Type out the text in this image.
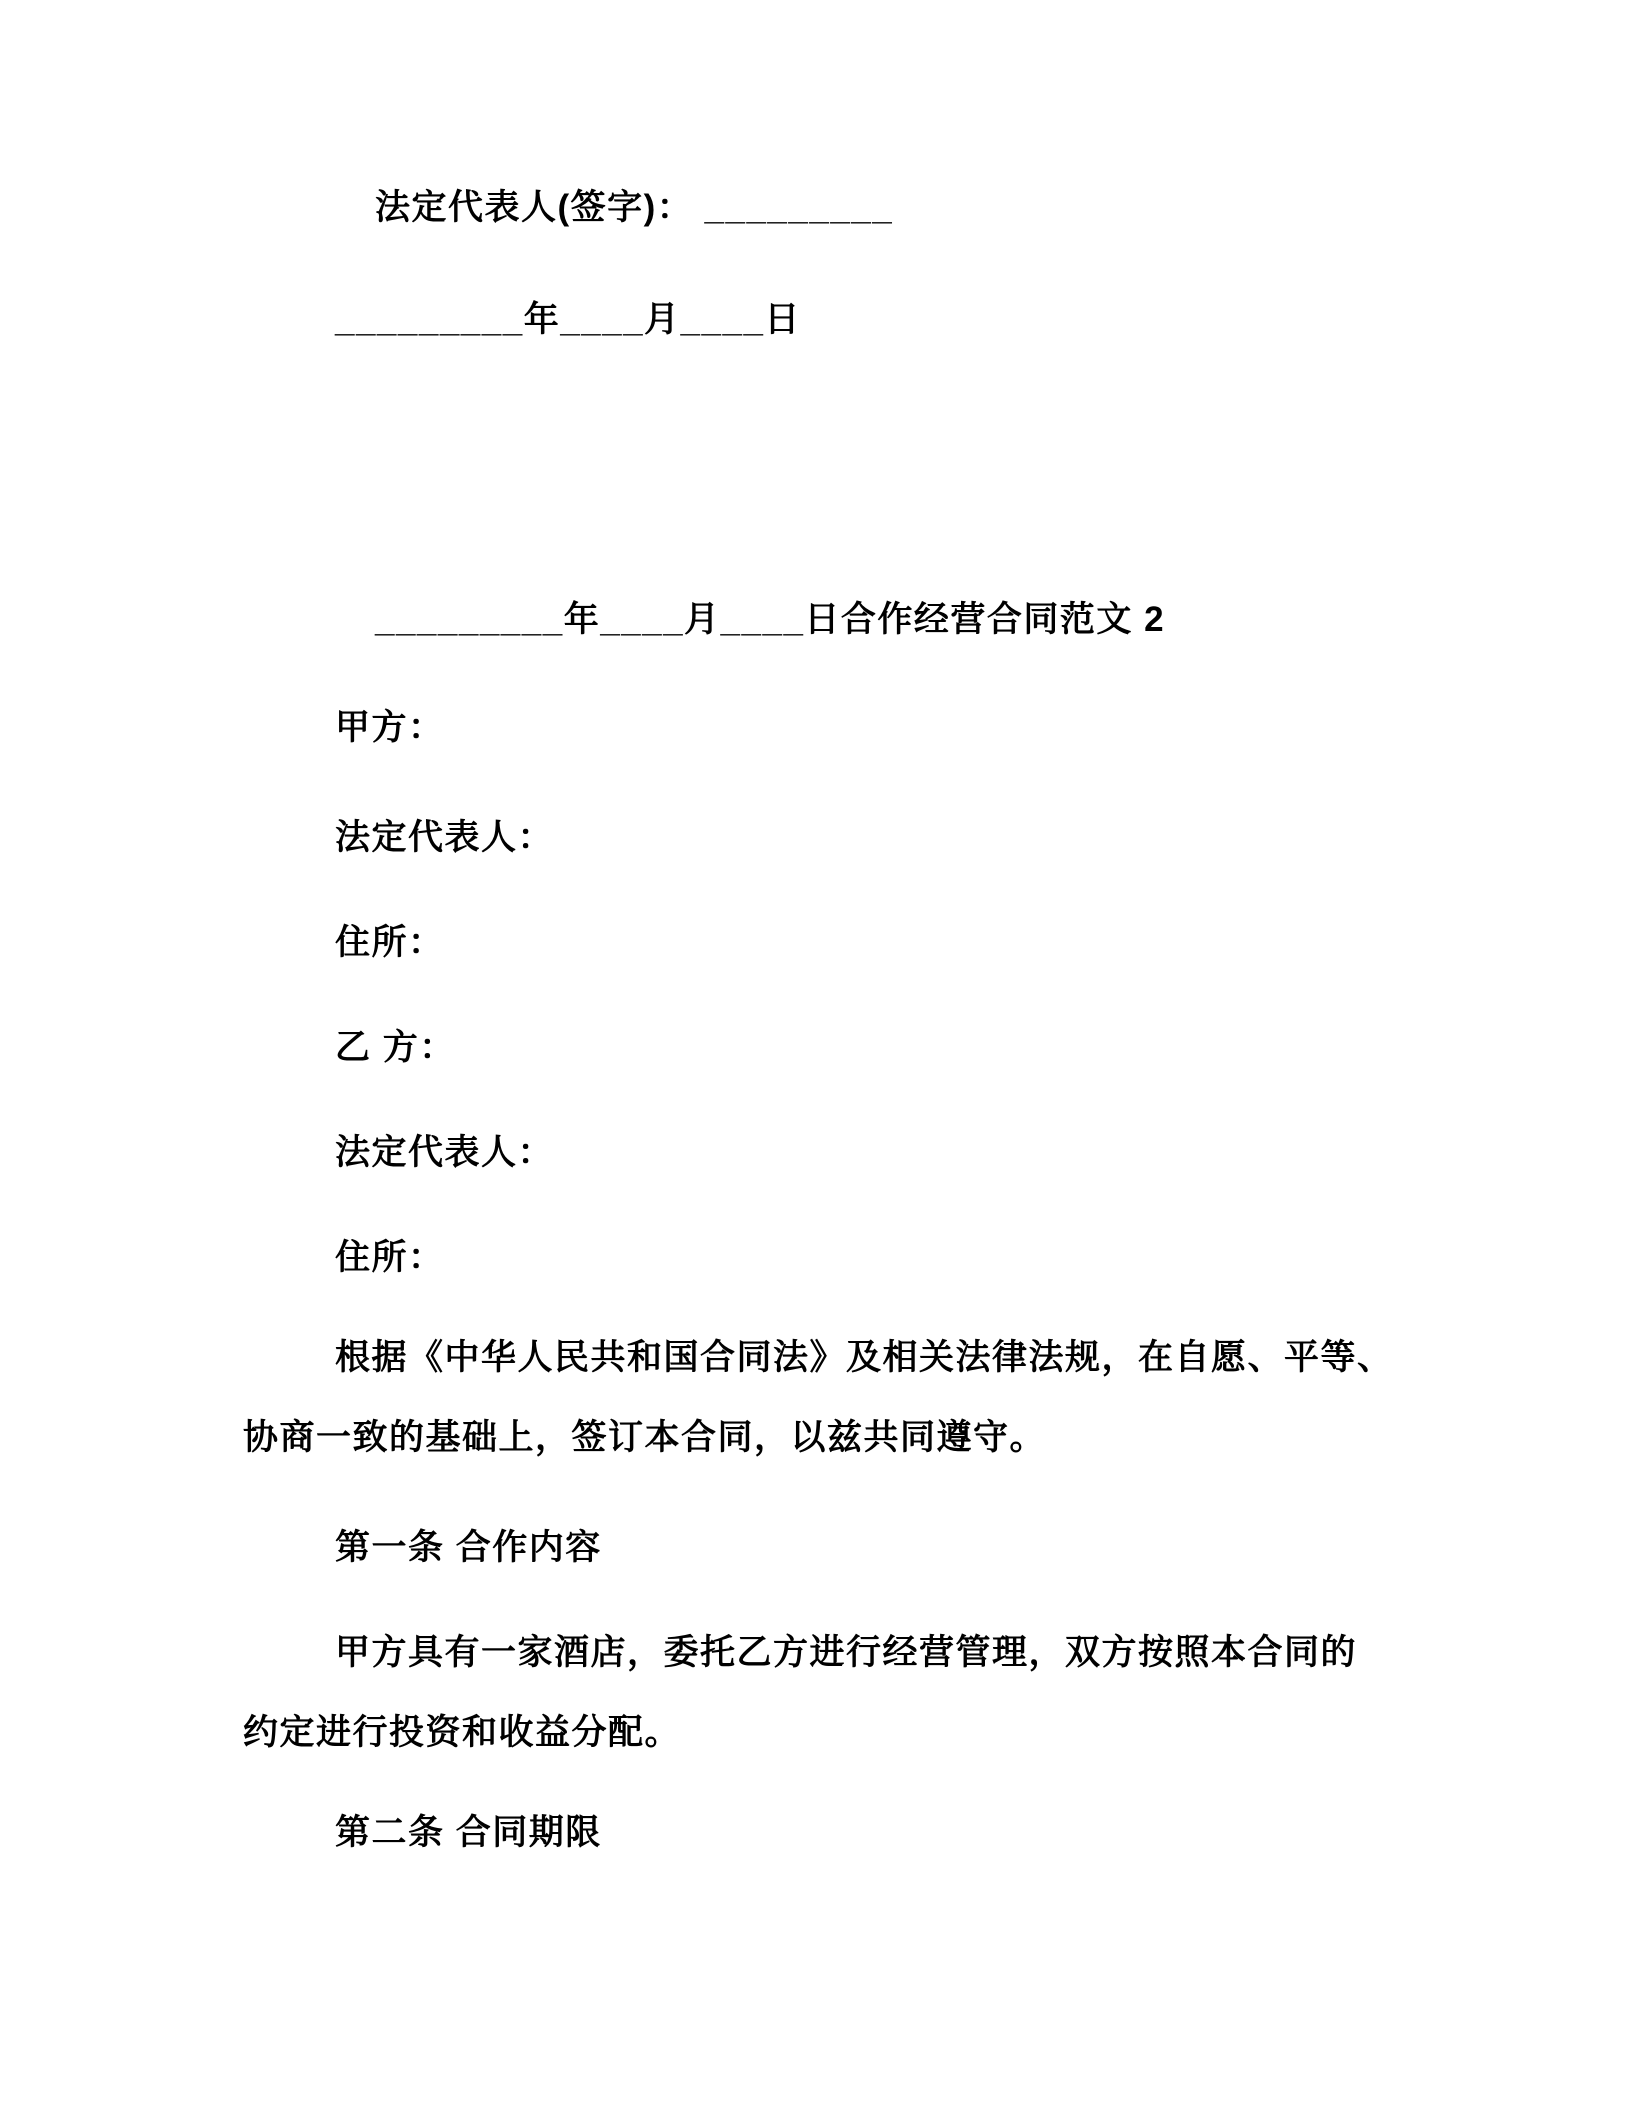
法定代表人(签字)： _________
_________年____月____日
_________年____月____日合作经营合同范文 2
甲方：
法定代表人：
住所：
乙 方：
法定代表人：
住所：
根据《中华人民共和国合同法》及相关法律法规，在自愿、平等、
协商一致的基础上，签订本合同，以兹共同遵守。
第一条 合作内容
甲方具有一家酒店，委托乙方进行经营管理，双方按照本合同的
约定进行投资和收益分配。
第二条 合同期限
